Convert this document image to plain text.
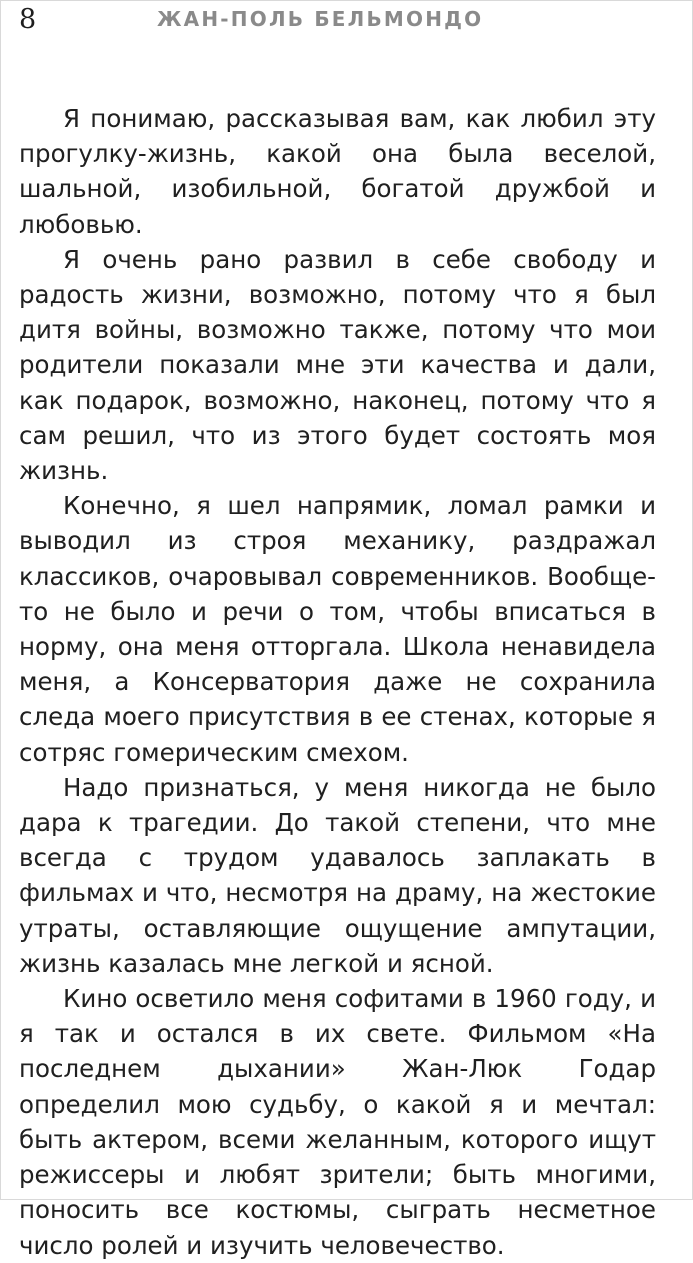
8	ЖАН-ПОЛЬ БЕЛЬМОНДО

Я понимаю, рассказывая вам, как любил эту прогулку-жизнь, какой она была веселой, шальной, изобильной, богатой дружбой и любовью.

Я очень рано развил в себе свободу и радость жизни, возможно, потому что я был дитя войны, возможно также, потому что мои родители показали мне эти качества и дали, как подарок, возможно, наконец, потому что я сам решил, что из этого будет состоять моя жизнь.

Конечно, я шел напрямик, ломал рамки и выводил из строя механику, раздражал классиков, очаровывал современников. Вообще-то не было и речи о том, чтобы вписаться в норму, она меня отторгала. Школа ненавидела меня, а Консерватория даже не сохранила следа моего присутствия в ее стенах, которые я сотряс гомерическим смехом.

Надо признаться, у меня никогда не было дара к трагедии. До такой степени, что мне всегда с трудом удавалось заплакать в фильмах и что, несмотря на драму, на жестокие утраты, оставляющие ощущение ампутации, жизнь казалась мне легкой и ясной.

Кино осветило меня софитами в 1960 году, и я так и остался в их свете. Фильмом «На последнем дыхании» Жан-Люк Годар определил мою судьбу, о какой я и мечтал: быть актером, всеми желанным, которого ищут режиссеры и любят зрители; быть многими, поносить все костюмы, сыграть несметное число ролей и изучить человечество.
